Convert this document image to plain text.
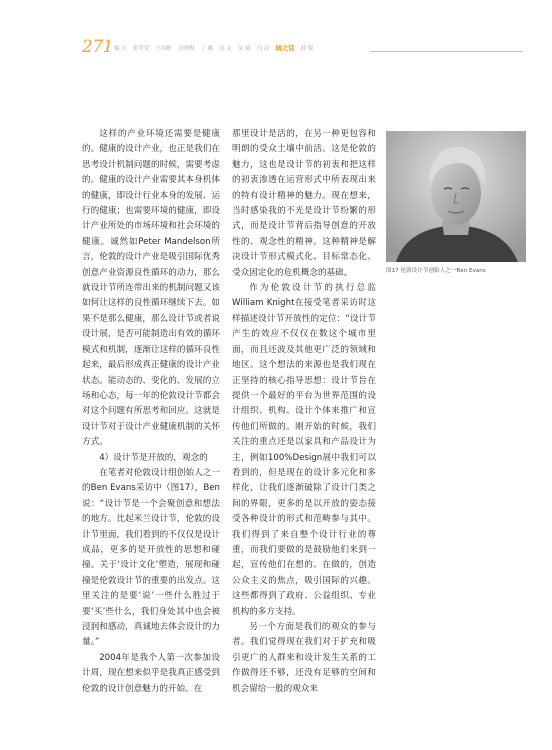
271 编 天 张荣荣 王国彬 吉晓梅 丁 璐 吴 文 吴 斌 闫 洁 城之话 薛 锐

这样的产业环境还需要是健康的。健康的设计产业，也正是我们在思考设计机制问题的时候，需要考虑的。健康的设计产业需要其本身机体的健康，即设计行业本身的发展、运行的健康；也需要环境的健康，即设计产业所处的市场环境和社会环境的健康。诚然如Peter Mandelson所言，伦敦的设计产业是吸引国际优秀创意产业资源良性循环的动力，那么就设计节所连带出来的机制问题又该如何让这样的良性循环继续下去。如果不是那么健康，那么设计节或者说设计展，是否可能制造出有效的循环模式和机制，逐渐让这样的循环良性起来，最后形成真正健康的设计产业状态。能动态的、变化的、发展的立场和心态，每一年的伦敦设计节都会对这个问题有所思考和回应。这就是设计节对于设计产业健康机制的关怀方式。

4）设计节是开放的，观念的

在笔者对伦敦设计组创始人之一的Ben Evans采访中（图17），Ben说：“设计节是一个会聚创意和想法的地方。比起米兰设计节，伦敦的设计节里面，我们看到的不仅仅是设计成品，更多的是开放性的思想和碰撞。关于‘设计文化’塑造，展现和碰撞是伦敦设计节的重要的出发点。这里关注的是要‘说’一些什么胜过于要‘买’些什么，我们身处其中也会被浸润和感动，真诚地去体会设计的力量。”

2004年是我个人第一次参加设计周，现在想来似乎是我真正感受到伦敦的设计创意魅力的开始。在

那里设计是活的，在另一种更包容和明朗的受众土壤中前活。这是伦敦的魅力，这也是设计节的初衷和把这样的初衷渗透在运营形式中所表现出来的特有设计精神的魅力。现在想来，当时感染我的不光是设计节纷繁的形式，而是设计节背后指导创意的开放性的、观念性的精神。这种精神是解决设计节形式模式化、目标常态化、受众固定化的危机概念的基础。

作为伦敦设计节的执行总监William Knight在接受笔者采访时这样描述设计节开放性的定位：“设计节产生的效应不仅仅在数这个城市里面，而且还波及其他更广泛的领域和地区。这个想法的来源也是我们现在正坚持的核心指导思想：设计节旨在提供一个最好的平台为世界范围的设计组织、机构、设计个体来推广和宣传他们所做的。刚开始的时候，我们关注的重点还是以家具和产品设计为主，例如100%Design展中我们可以看到的，但是现在的设计多元化和多样化，让我们逐渐破除了设计门类之间的界限，更多的是以开放的姿态接受各种设计的形式和范畴参与其中。我们得到了来自整个设计行业的尊重，而我们要做的是鼓励他们来到一起，宣传他们在想的、在做的，创造公众主义的焦点，吸引国际的兴趣。这些都得到了政府、公益组织、专业机构的多方支持。

另一个方面是我们的观众的参与者。我们觉得现在我们对于扩充和吸引更广的人群来和设计发生关系的工作做得还不够，还没有足够的空间和机会留给一般的观众来

图17 伦敦设计节创始人之一Ben Evans
